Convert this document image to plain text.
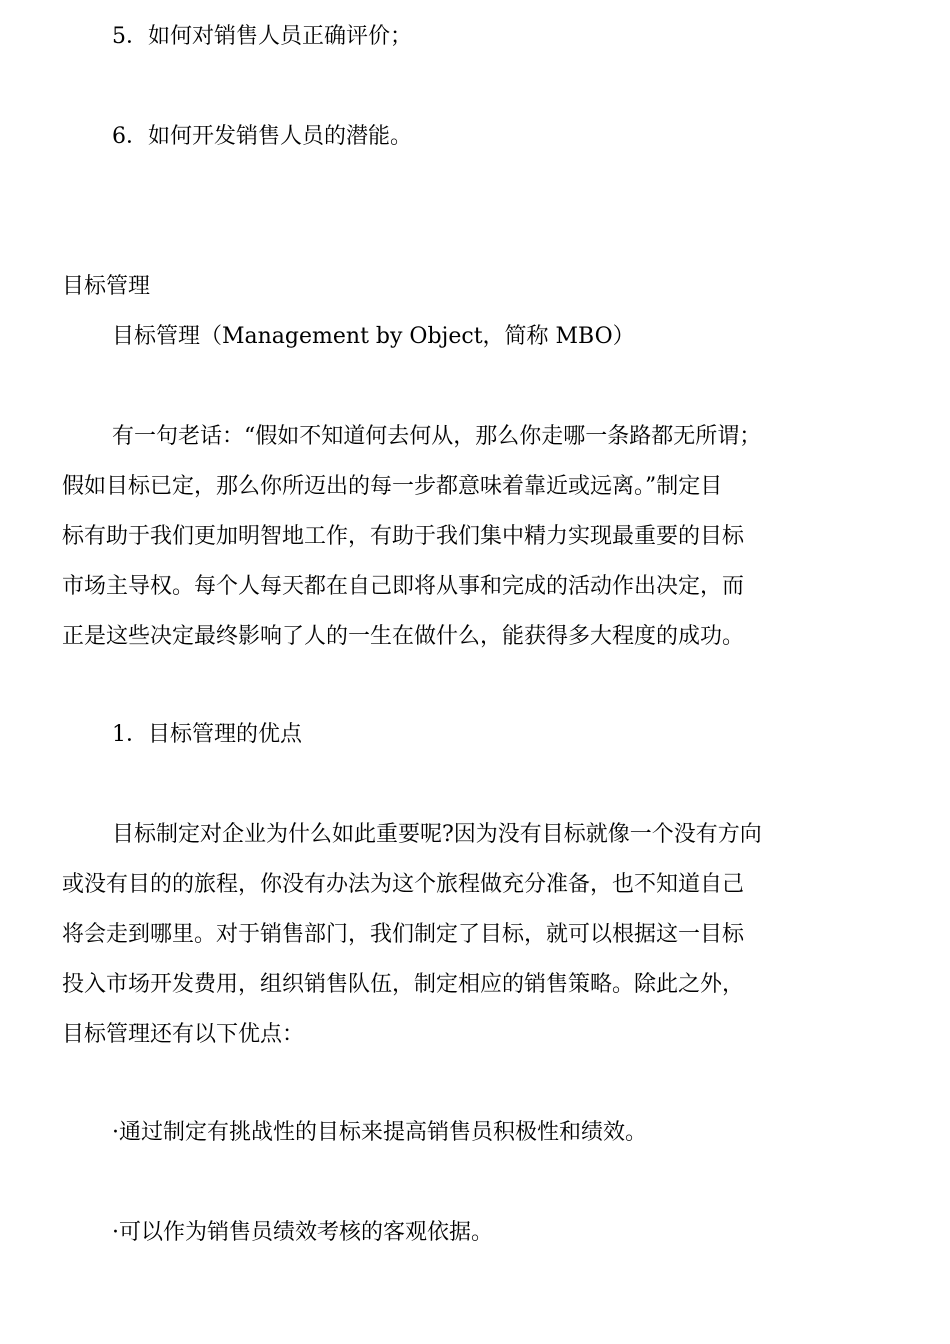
5．如何对销售人员正确评价；
6．如何开发销售人员的潜能。
目标管理
目标管理（Management by Object，简称 MBO）
有一句老话：“假如不知道何去何从，那么你走哪一条路都无所谓；
假如目标已定，那么你所迈出的每一步都意味着靠近或远离。”制定目
标有助于我们更加明智地工作，有助于我们集中精力实现最重要的目标
市场主导权。每个人每天都在自己即将从事和完成的活动作出决定，而
正是这些决定最终影响了人的一生在做什么，能获得多大程度的成功。
1．目标管理的优点
目标制定对企业为什么如此重要呢?因为没有目标就像一个没有方向
或没有目的的旅程，你没有办法为这个旅程做充分准备，也不知道自己
将会走到哪里。对于销售部门，我们制定了目标，就可以根据这一目标
投入市场开发费用，组织销售队伍，制定相应的销售策略。除此之外，
目标管理还有以下优点：
·通过制定有挑战性的目标来提高销售员积极性和绩效。
·可以作为销售员绩效考核的客观依据。
